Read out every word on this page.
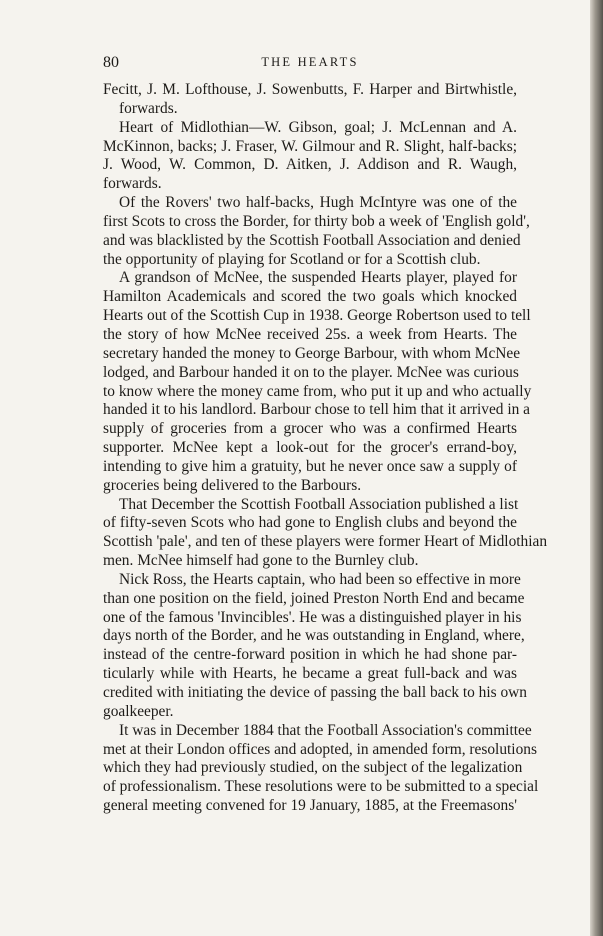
80	THE HEARTS
Fecitt, J. M. Lofthouse, J. Sowenbutts, F. Harper and Birtwhistle,
forwards.
Heart of Midlothian—W. Gibson, goal; J. McLennan and A.
McKinnon, backs; J. Fraser, W. Gilmour and R. Slight, half-backs;
J. Wood, W. Common, D. Aitken, J. Addison and R. Waugh,
forwards.
Of the Rovers' two half-backs, Hugh McIntyre was one of the
first Scots to cross the Border, for thirty bob a week of 'English gold',
and was blacklisted by the Scottish Football Association and denied
the opportunity of playing for Scotland or for a Scottish club.
A grandson of McNee, the suspended Hearts player, played for
Hamilton Academicals and scored the two goals which knocked
Hearts out of the Scottish Cup in 1938. George Robertson used to tell
the story of how McNee received 25s. a week from Hearts. The
secretary handed the money to George Barbour, with whom McNee
lodged, and Barbour handed it on to the player. McNee was curious
to know where the money came from, who put it up and who actually
handed it to his landlord. Barbour chose to tell him that it arrived in a
supply of groceries from a grocer who was a confirmed Hearts
supporter. McNee kept a look-out for the grocer's errand-boy,
intending to give him a gratuity, but he never once saw a supply of
groceries being delivered to the Barbours.
That December the Scottish Football Association published a list
of fifty-seven Scots who had gone to English clubs and beyond the
Scottish 'pale', and ten of these players were former Heart of Midlothian
men. McNee himself had gone to the Burnley club.
Nick Ross, the Hearts captain, who had been so effective in more
than one position on the field, joined Preston North End and became
one of the famous 'Invincibles'. He was a distinguished player in his
days north of the Border, and he was outstanding in England, where,
instead of the centre-forward position in which he had shone par-
ticularly while with Hearts, he became a great full-back and was
credited with initiating the device of passing the ball back to his own
goalkeeper.
It was in December 1884 that the Football Association's committee
met at their London offices and adopted, in amended form, resolutions
which they had previously studied, on the subject of the legalization
of professionalism. These resolutions were to be submitted to a special
general meeting convened for 19 January, 1885, at the Freemasons'
